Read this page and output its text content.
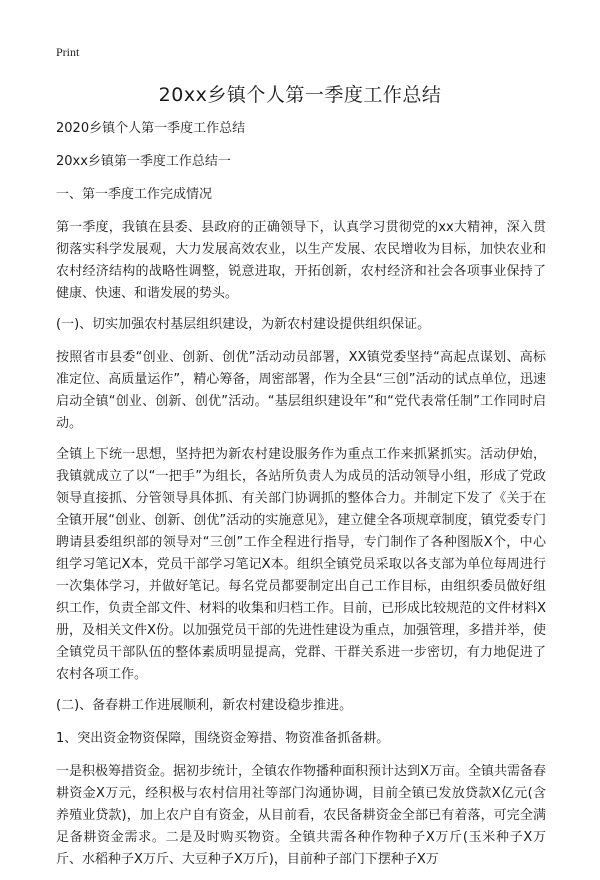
Print
20xx乡镇个人第一季度工作总结

2020乡镇个人第一季度工作总结

20xx乡镇第一季度工作总结一

一、第一季度工作完成情况

第一季度，我镇在县委、县政府的正确领导下，认真学习贯彻党的xx大精神，深入贯彻落实科学发展观，大力发展高效农业，以生产发展、农民增收为目标，加快农业和农村经济结构的战略性调整，锐意进取，开拓创新，农村经济和社会各项事业保持了健康、快速、和谐发展的势头。

(一)、切实加强农村基层组织建设，为新农村建设提供组织保证。

按照省市县委“创业、创新、创优”活动动员部署，XX镇党委坚持“高起点谋划、高标准定位、高质量运作”，精心筹备，周密部署，作为全县“三创”活动的试点单位，迅速启动全镇“创业、创新、创优”活动。“基层组织建设年”和“党代表常任制”工作同时启动。

全镇上下统一思想，坚持把为新农村建设服务作为重点工作来抓紧抓实。活动伊始，我镇就成立了以“一把手”为组长，各站所负责人为成员的活动领导小组，形成了党政领导直接抓、分管领导具体抓、有关部门协调抓的整体合力。并制定下发了《关于在全镇开展“创业、创新、创优”活动的实施意见》，建立健全各项规章制度，镇党委专门聘请县委组织部的领导对“三创”工作全程进行指导，专门制作了各种图版X个，中心组学习笔记X本，党员干部学习笔记X本。组织全镇党员采取以各支部为单位每周进行一次集体学习，并做好笔记。每名党员都要制定出自己工作目标，由组织委员做好组织工作，负责全部文件、材料的收集和归档工作。目前，已形成比较规范的文件材料X册，及相关文件X份。以加强党员干部的先进性建设为重点，加强管理，多措并举，使全镇党员干部队伍的整体素质明显提高，党群、干群关系进一步密切，有力地促进了农村各项工作。

(二)、备春耕工作进展顺利，新农村建设稳步推进。

1、突出资金物资保障，围绕资金筹措、物资准备抓备耕。

一是积极筹措资金。据初步统计，全镇农作物播种面积预计达到X万亩。全镇共需备春耕资金X万元，经积极与农村信用社等部门沟通协调，目前全镇已发放贷款X亿元(含养殖业贷款)，加上农户自有资金，从目前看，农民备耕资金全部已有着落，可完全满足备耕资金需求。二是及时购买物资。全镇共需各种作物种子X万斤(玉米种子X万斤、水稻种子X万斤、大豆种子X万斤)，目前种子部门下摆种子X万
